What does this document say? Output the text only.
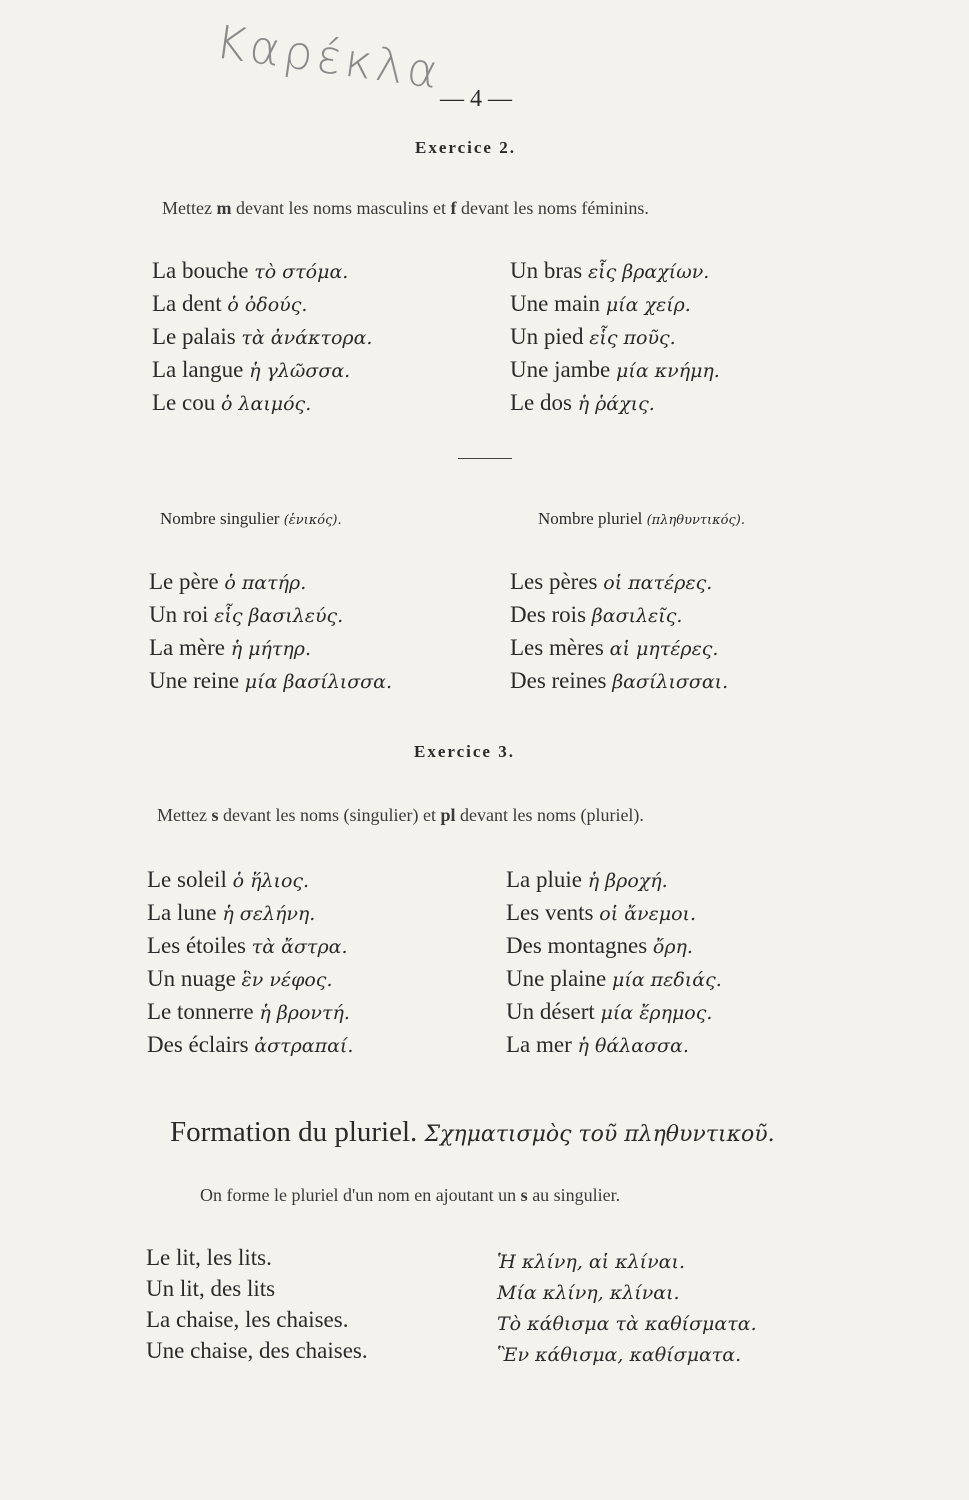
Καρέκλα
— 4 —
Exercice 2.
Mettez m devant les noms masculins et f devant les noms féminins.
La bouche τὸ στόμα.
La dent ὁ ὀδούς.
Le palais τὰ ἀνάκτορα.
La langue ἡ γλῶσσα.
Le cou ὁ λαιμός.
Un bras εἷς βραχίων.
Une main μία χείρ.
Un pied εἷς ποῦς.
Une jambe μία κνήμη.
Le dos ἡ ῥάχις.
Nombre singulier (ἑνικός).	Nombre pluriel (πληθυντικός).
Le père ὁ πατήρ.
Un roi εἷς βασιλεύς.
La mère ἡ μήτηρ.
Une reine μία βασίλισσα.
Les pères οἱ πατέρες.
Des rois βασιλεῖς.
Les mères αἱ μητέρες.
Des reines βασίλισσαι.
Exercice 3.
Mettez s devant les noms (singulier) et pl devant les noms (pluriel).
Le soleil ὁ ἥλιος.
La lune ἡ σελήνη.
Les étoiles τὰ ἄστρα.
Un nuage ἓν νέφος.
Le tonnerre ἡ βροντή.
Des éclairs ἀστραπαί.
La pluie ἡ βροχή.
Les vents οἱ ἄνεμοι.
Des montagnes ὄρη.
Une plaine μία πεδιάς.
Un désert μία ἔρημος.
La mer ἡ θάλασσα.
Formation du pluriel. Σχηματισμὸς τοῦ πληθυντικοῦ.
On forme le pluriel d'un nom en ajoutant un s au singulier.
Le lit, les lits.
Un lit, des lits
La chaise, les chaises.
Une chaise, des chaises.
Ἡ κλίνη, αἱ κλίναι.
Μία κλίνη, κλίναι.
Τὸ κάθισμα τὰ καθίσματα.
Ἓν κάθισμα, καθίσματα.
